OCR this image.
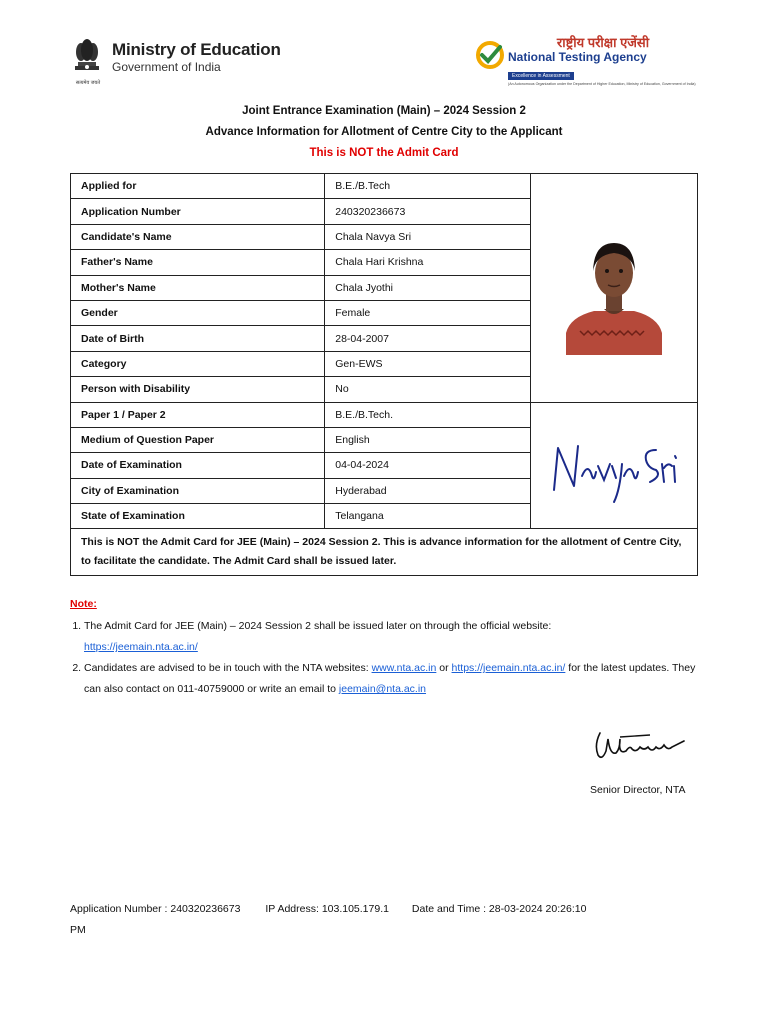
सत्यमेव जयते
Ministry of Education
Government of India
राष्ट्रीय परीक्षा एजेंसी
National Testing Agency
Excellence in Assessment
(An Autonomous Organization under the Department of Higher Education, Ministry of Education, Government of India)
Joint Entrance Examination (Main) – 2024 Session 2
Advance Information for Allotment of Centre City to the Applicant
This is NOT the Admit Card
Applied for	B.E./B.Tech	

Application Number	240320236673	
Candidate's Name	Chala Navya Sri	
Father's Name	Chala Hari Krishna	
Mother's Name	Chala Jyothi	
Gender	Female	
Date of Birth	28-04-2007	
Category	Gen-EWS	
Person with Disability	No	
Paper 1 / Paper 2	B.E./B.Tech.	

Medium of Question Paper	English	
Date of Examination	04-04-2024	
City of Examination	Hyderabad	
State of Examination	Telangana	
This is NOT the Admit Card for JEE (Main) – 2024 Session 2. This is advance information for the allotment of Centre City, to facilitate the candidate. The Admit Card shall be issued later.		
Note:
1. The Admit Card for JEE (Main) – 2024 Session 2 shall be issued later on through the official website:
https://jeemain.nta.ac.in/
2. Candidates are advised to be in touch with the NTA websites: www.nta.ac.in or https://jeemain.nta.ac.in/ for the latest updates. They can also contact on 011-40759000 or write an email to jeemain@nta.ac.in
Senior Director, NTA
Application Number : 240320236673 IP Address: 103.105.179.1 Date and Time : 28-03-2024 20:26:10 PM
